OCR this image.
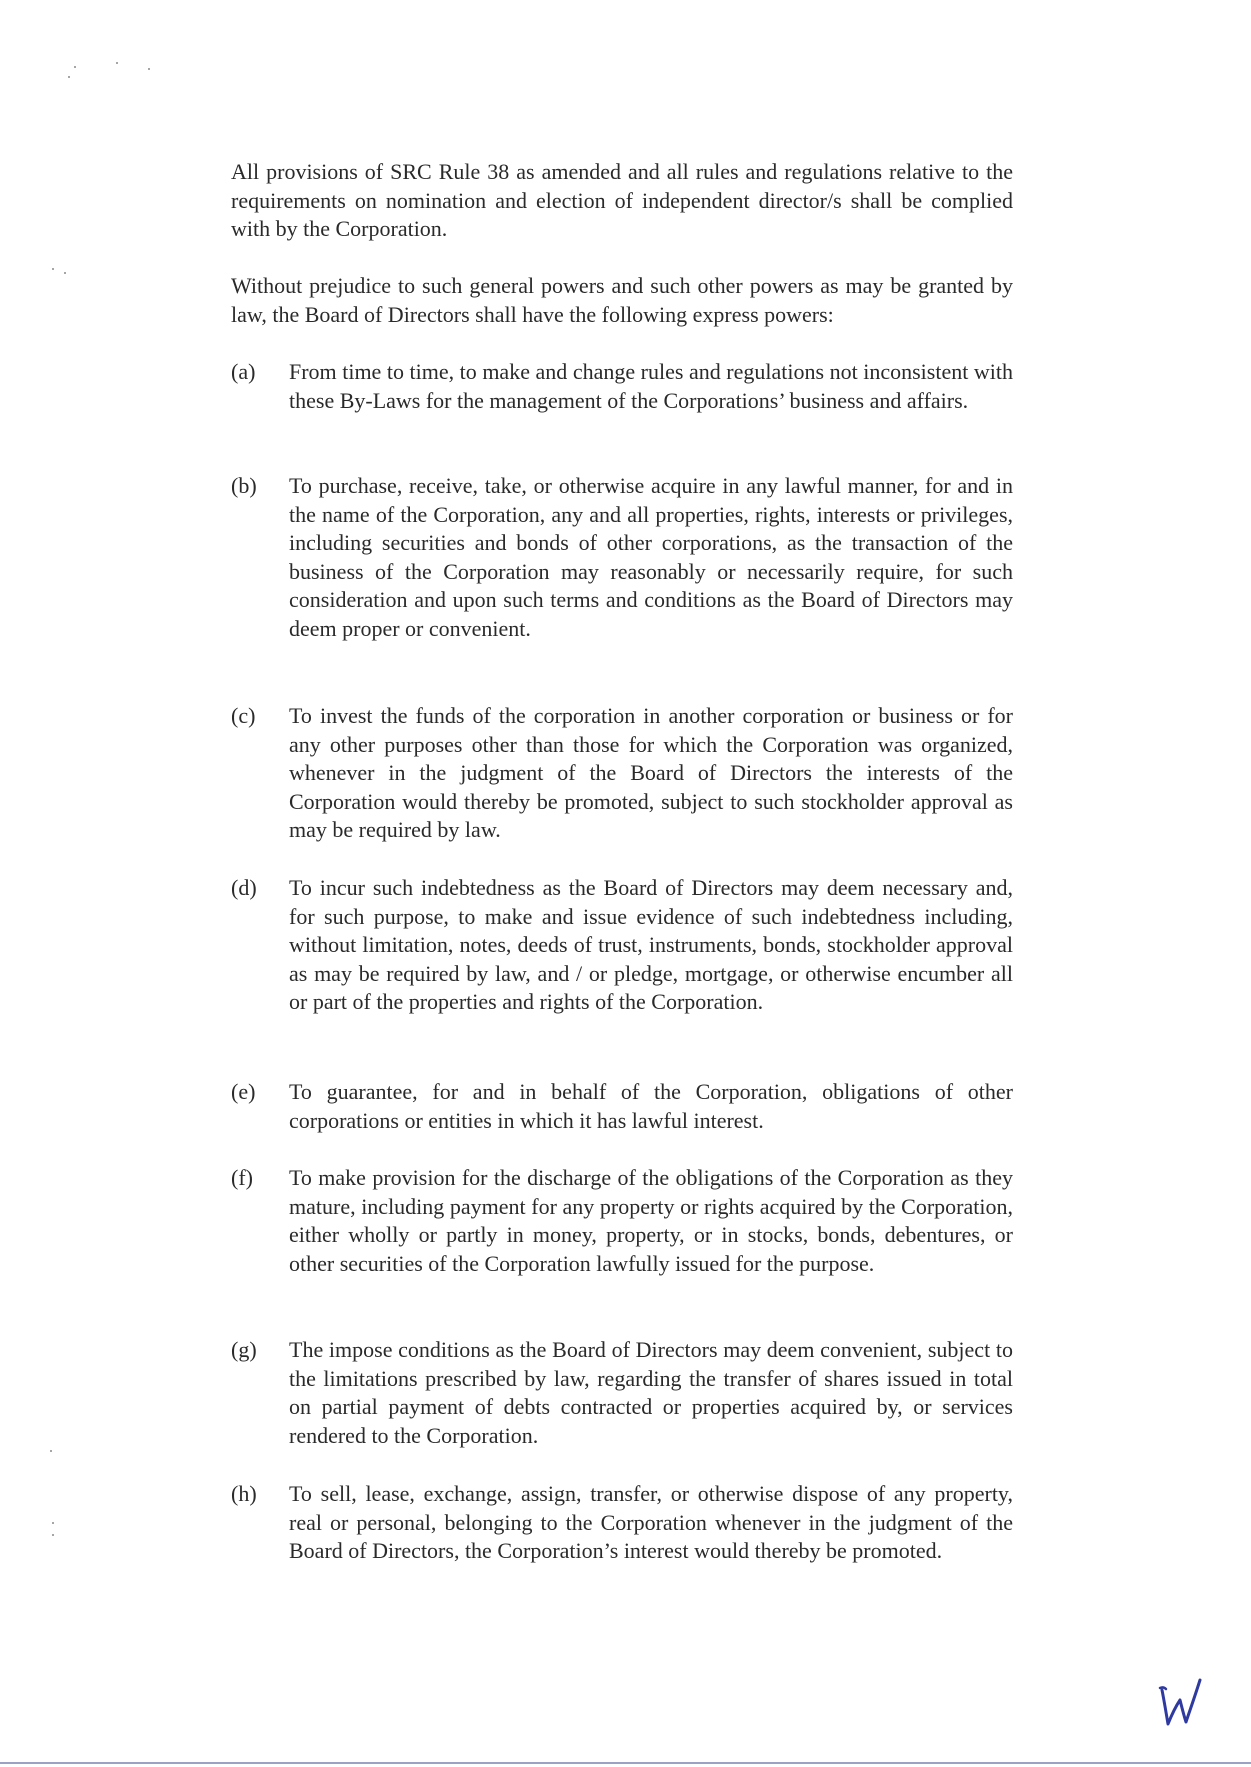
All provisions of SRC Rule 38 as amended and all rules and regulations relative to the requirements on nomination and election of independent director/s shall be complied with by the Corporation.

Without prejudice to such general powers and such other powers as may be granted by law, the Board of Directors shall have the following express powers:

(a)	From time to time, to make and change rules and regulations not inconsistent with these By-Laws for the management of the Corporations’ business and affairs.

(b)	To purchase, receive, take, or otherwise acquire in any lawful manner, for and in the name of the Corporation, any and all properties, rights, interests or privileges, including securities and bonds of other corporations, as the transaction of the business of the Corporation may reasonably or necessarily require, for such consideration and upon such terms and conditions as the Board of Directors may deem proper or convenient.

(c)	To invest the funds of the corporation in another corporation or business or for any other purposes other than those for which the Corporation was organized, whenever in the judgment of the Board of Directors the interests of the Corporation would thereby be promoted, subject to such stockholder approval as may be required by law.

(d)	To incur such indebtedness as the Board of Directors may deem necessary and, for such purpose, to make and issue evidence of such indebtedness including, without limitation, notes, deeds of trust, instruments, bonds, stockholder approval as may be required by law, and / or pledge, mortgage, or otherwise encumber all or part of the properties and rights of the Corporation.

(e)	To guarantee, for and in behalf of the Corporation, obligations of other corporations or entities in which it has lawful interest.

(f)	To make provision for the discharge of the obligations of the Corporation as they mature, including payment for any property or rights acquired by the Corporation, either wholly or partly in money, property, or in stocks, bonds, debentures, or other securities of the Corporation lawfully issued for the purpose.

(g)	The impose conditions as the Board of Directors may deem convenient, subject to the limitations prescribed by law, regarding the transfer of shares issued in total on partial payment of debts contracted or properties acquired by, or services rendered to the Corporation.

(h)	To sell, lease, exchange, assign, transfer, or otherwise dispose of any property, real or personal, belonging to the Corporation whenever in the judgment of the Board of Directors, the Corporation’s interest would thereby be promoted.
